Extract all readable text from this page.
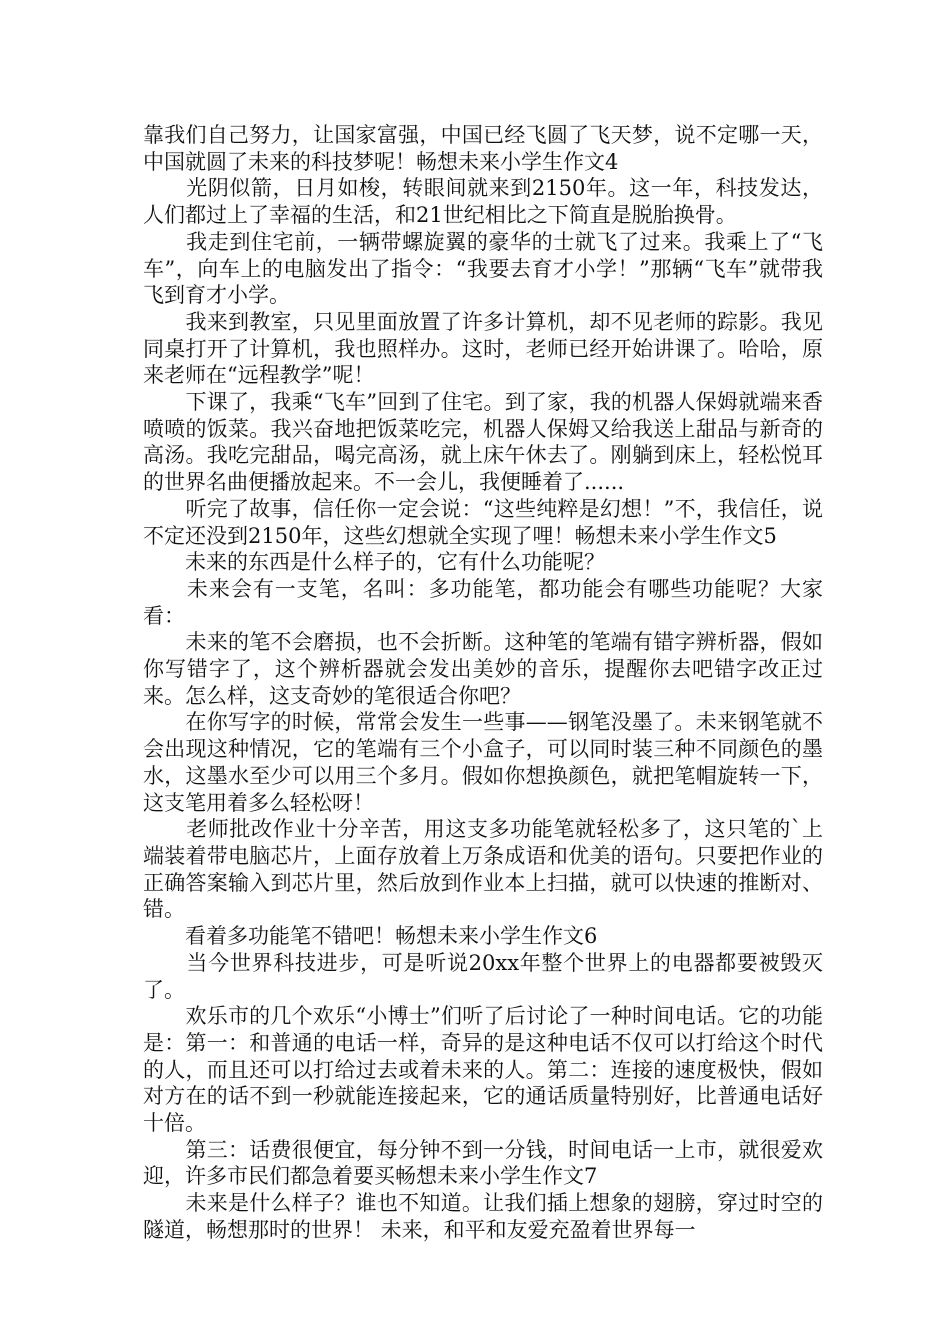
靠我们自己努力，让国家富强，中国已经飞圆了飞天梦，说不定哪一天，中国就圆了未来的科技梦呢！畅想未来小学生作文4

　　光阴似箭，日月如梭，转眼间就来到2150年。这一年，科技发达，人们都过上了幸福的生活，和21世纪相比之下简直是脱胎换骨。

　　我走到住宅前，一辆带螺旋翼的豪华的士就飞了过来。我乘上了“飞车”，向车上的电脑发出了指令：“我要去育才小学！”那辆“飞车”就带我飞到育才小学。

　　我来到教室，只见里面放置了许多计算机，却不见老师的踪影。我见同桌打开了计算机，我也照样办。这时，老师已经开始讲课了。哈哈，原来老师在“远程教学”呢！

　　下课了，我乘“飞车”回到了住宅。到了家，我的机器人保姆就端来香喷喷的饭菜。我兴奋地把饭菜吃完，机器人保姆又给我送上甜品与新奇的高汤。我吃完甜品，喝完高汤，就上床午休去了。刚躺到床上，轻松悦耳的世界名曲便播放起来。不一会儿，我便睡着了......

　　听完了故事，信任你一定会说：“这些纯粹是幻想！”不，我信任，说不定还没到2150年，这些幻想就全实现了哩！畅想未来小学生作文5

　　未来的东西是什么样子的，它有什么功能呢？

　　未来会有一支笔，名叫：多功能笔，都功能会有哪些功能呢？大家看：

　　未来的笔不会磨损，也不会折断。这种笔的笔端有错字辨析器，假如你写错字了，这个辨析器就会发出美妙的音乐，提醒你去吧错字改正过来。怎么样，这支奇妙的笔很适合你吧？

　　在你写字的时候，常常会发生一些事——钢笔没墨了。未来钢笔就不会出现这种情况，它的笔端有三个小盒子，可以同时装三种不同颜色的墨水，这墨水至少可以用三个多月。假如你想换颜色，就把笔帽旋转一下，这支笔用着多么轻松呀！

　　老师批改作业十分辛苦，用这支多功能笔就轻松多了，这只笔的`上端装着带电脑芯片，上面存放着上万条成语和优美的语句。只要把作业的正确答案输入到芯片里，然后放到作业本上扫描，就可以快速的推断对、错。

　　看着多功能笔不错吧！畅想未来小学生作文6

　　当今世界科技进步，可是听说20xx年整个世界上的电器都要被毁灭了。

　　欢乐市的几个欢乐“小博士”们听了后讨论了一种时间电话。它的功能是：第一：和普通的电话一样，奇异的是这种电话不仅可以打给这个时代的人，而且还可以打给过去或着未来的人。第二：连接的速度极快，假如对方在的话不到一秒就能连接起来，它的通话质量特别好，比普通电话好十倍。

　　第三：话费很便宜，每分钟不到一分钱，时间电话一上市，就很爱欢迎，许多市民们都急着要买畅想未来小学生作文7

　　未来是什么样子？谁也不知道。让我们插上想象的翅膀，穿过时空的隧道，畅想那时的世界！ 未来，和平和友爱充盈着世界每一
